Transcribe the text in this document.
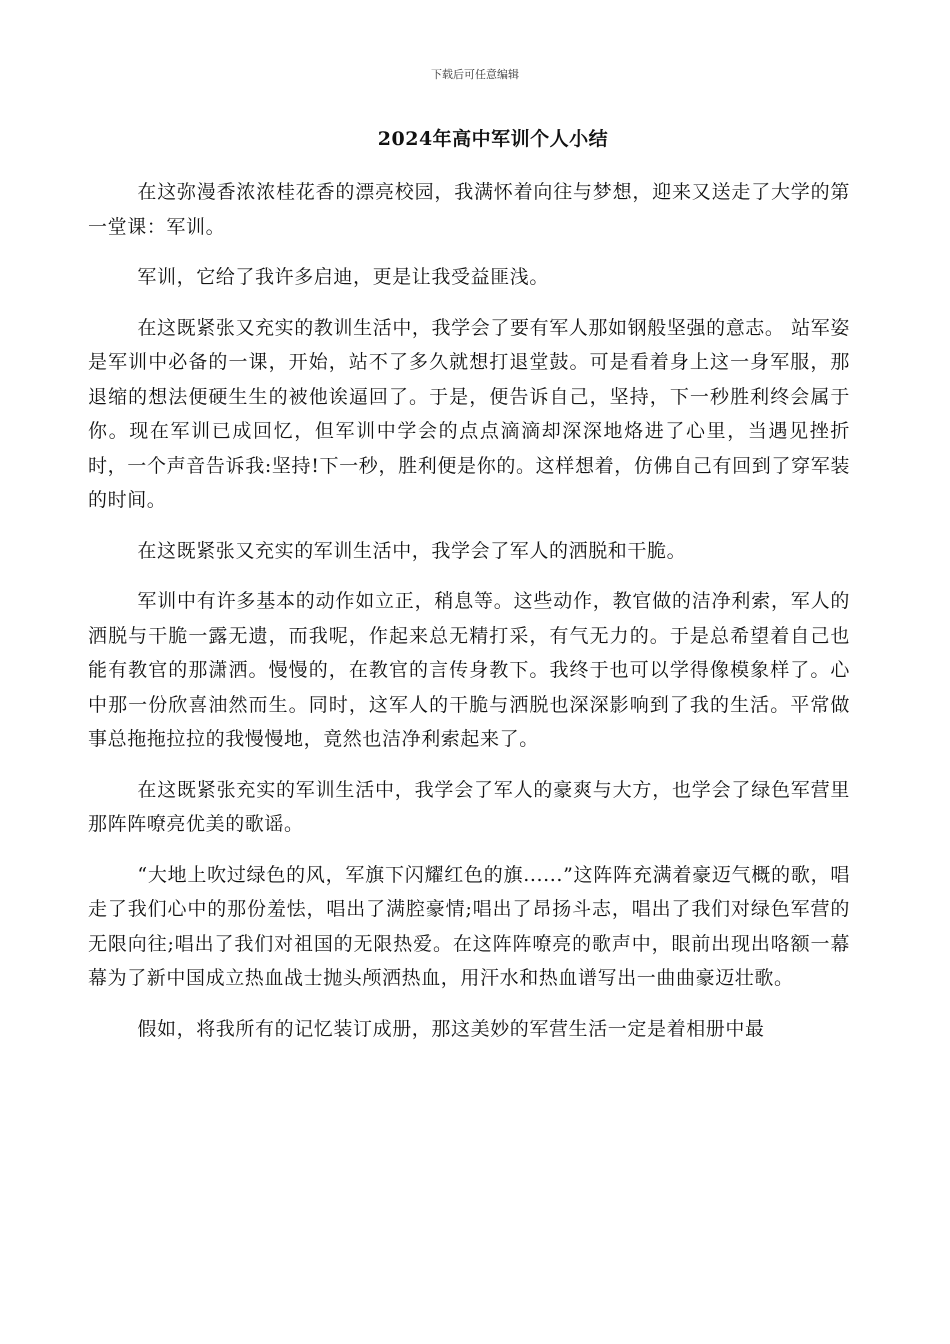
下载后可任意编辑
2024年高中军训个人小结

在这弥漫香浓浓桂花香的漂亮校园，我满怀着向往与梦想，迎来又送走了大学的第一堂课：军训。

军训，它给了我许多启迪，更是让我受益匪浅。

在这既紧张又充实的教训生活中，我学会了要有军人那如钢般坚强的意志。 站军姿是军训中必备的一课，开始，站不了多久就想打退堂鼓。可是看着身上这一身军服，那退缩的想法便硬生生的被他诶逼回了。于是，便告诉自己，坚持，下一秒胜利终会属于你。现在军训已成回忆，但军训中学会的点点滴滴却深深地烙进了心里，当遇见挫折时，一个声音告诉我:坚持!下一秒，胜利便是你的。这样想着，仿佛自己有回到了穿军装的时间。

在这既紧张又充实的军训生活中，我学会了军人的洒脱和干脆。

军训中有许多基本的动作如立正，稍息等。这些动作，教官做的洁净利索，军人的洒脱与干脆一露无遗，而我呢，作起来总无精打采，有气无力的。于是总希望着自己也能有教官的那潇洒。慢慢的，在教官的言传身教下。我终于也可以学得像模象样了。心中那一份欣喜油然而生。同时，这军人的干脆与洒脱也深深影响到了我的生活。平常做事总拖拖拉拉的我慢慢地，竟然也洁净利索起来了。

在这既紧张充实的军训生活中，我学会了军人的豪爽与大方，也学会了绿色军营里那阵阵嘹亮优美的歌谣。

“大地上吹过绿色的风，军旗下闪耀红色的旗......”这阵阵充满着豪迈气概的歌，唱走了我们心中的那份羞怯，唱出了满腔豪情;唱出了昂扬斗志，唱出了我们对绿色军营的无限向往;唱出了我们对祖国的无限热爱。在这阵阵嘹亮的歌声中，眼前出现出咯额一幕幕为了新中国成立热血战士抛头颅洒热血，用汗水和热血谱写出一曲曲豪迈壮歌。

假如，将我所有的记忆装订成册，那这美妙的军营生活一定是着相册中最
